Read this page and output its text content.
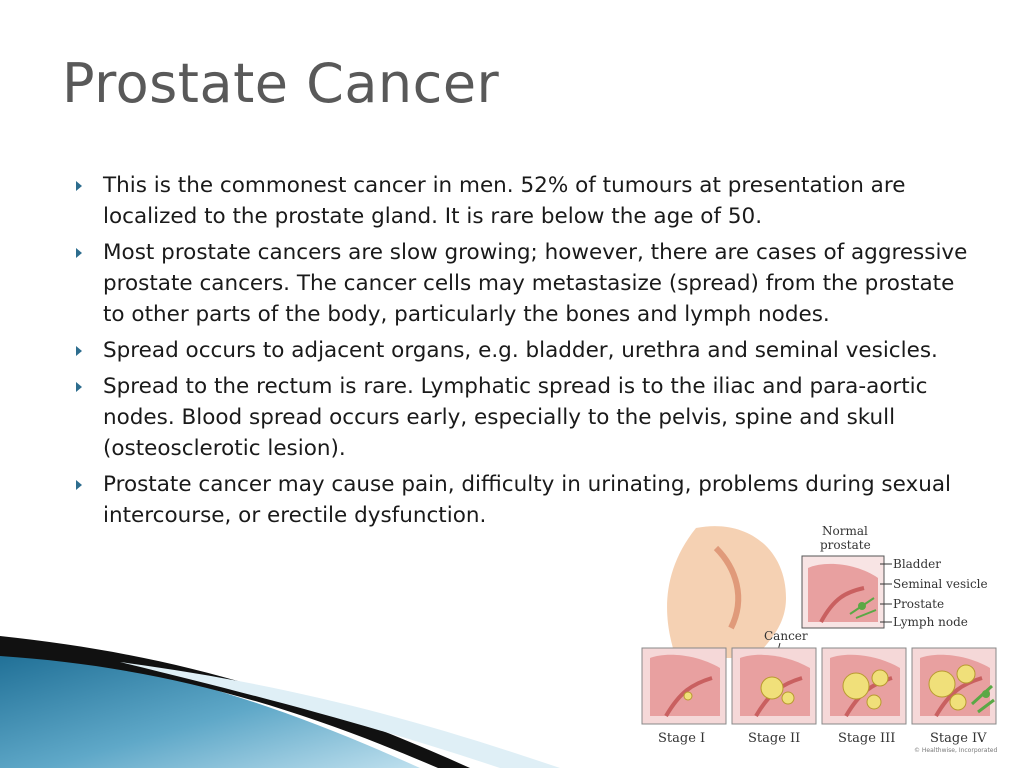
Prostate Cancer
This is the commonest cancer in men. 52% of tumours at presentation are localized to the prostate gland. It is rare below the age of 50.
Most prostate cancers are slow growing; however, there are cases of aggressive prostate cancers. The cancer cells may metastasize (spread) from the prostate to other parts of the body, particularly the bones and lymph nodes.
Spread occurs to adjacent organs, e.g. bladder, urethra and seminal vesicles.
Spread to the rectum is rare. Lymphatic spread is to the iliac and para-aortic nodes. Blood spread occurs early, especially to the pelvis, spine and skull (osteosclerotic lesion).
Prostate cancer may cause pain, difficulty in urinating, problems during sexual intercourse, or erectile dysfunction.
Normal
prostate
Bladder
Seminal vesicle
Prostate
Lymph node
Cancer
Stage I	Stage II	Stage III	Stage IV
© Healthwise, Incorporated
